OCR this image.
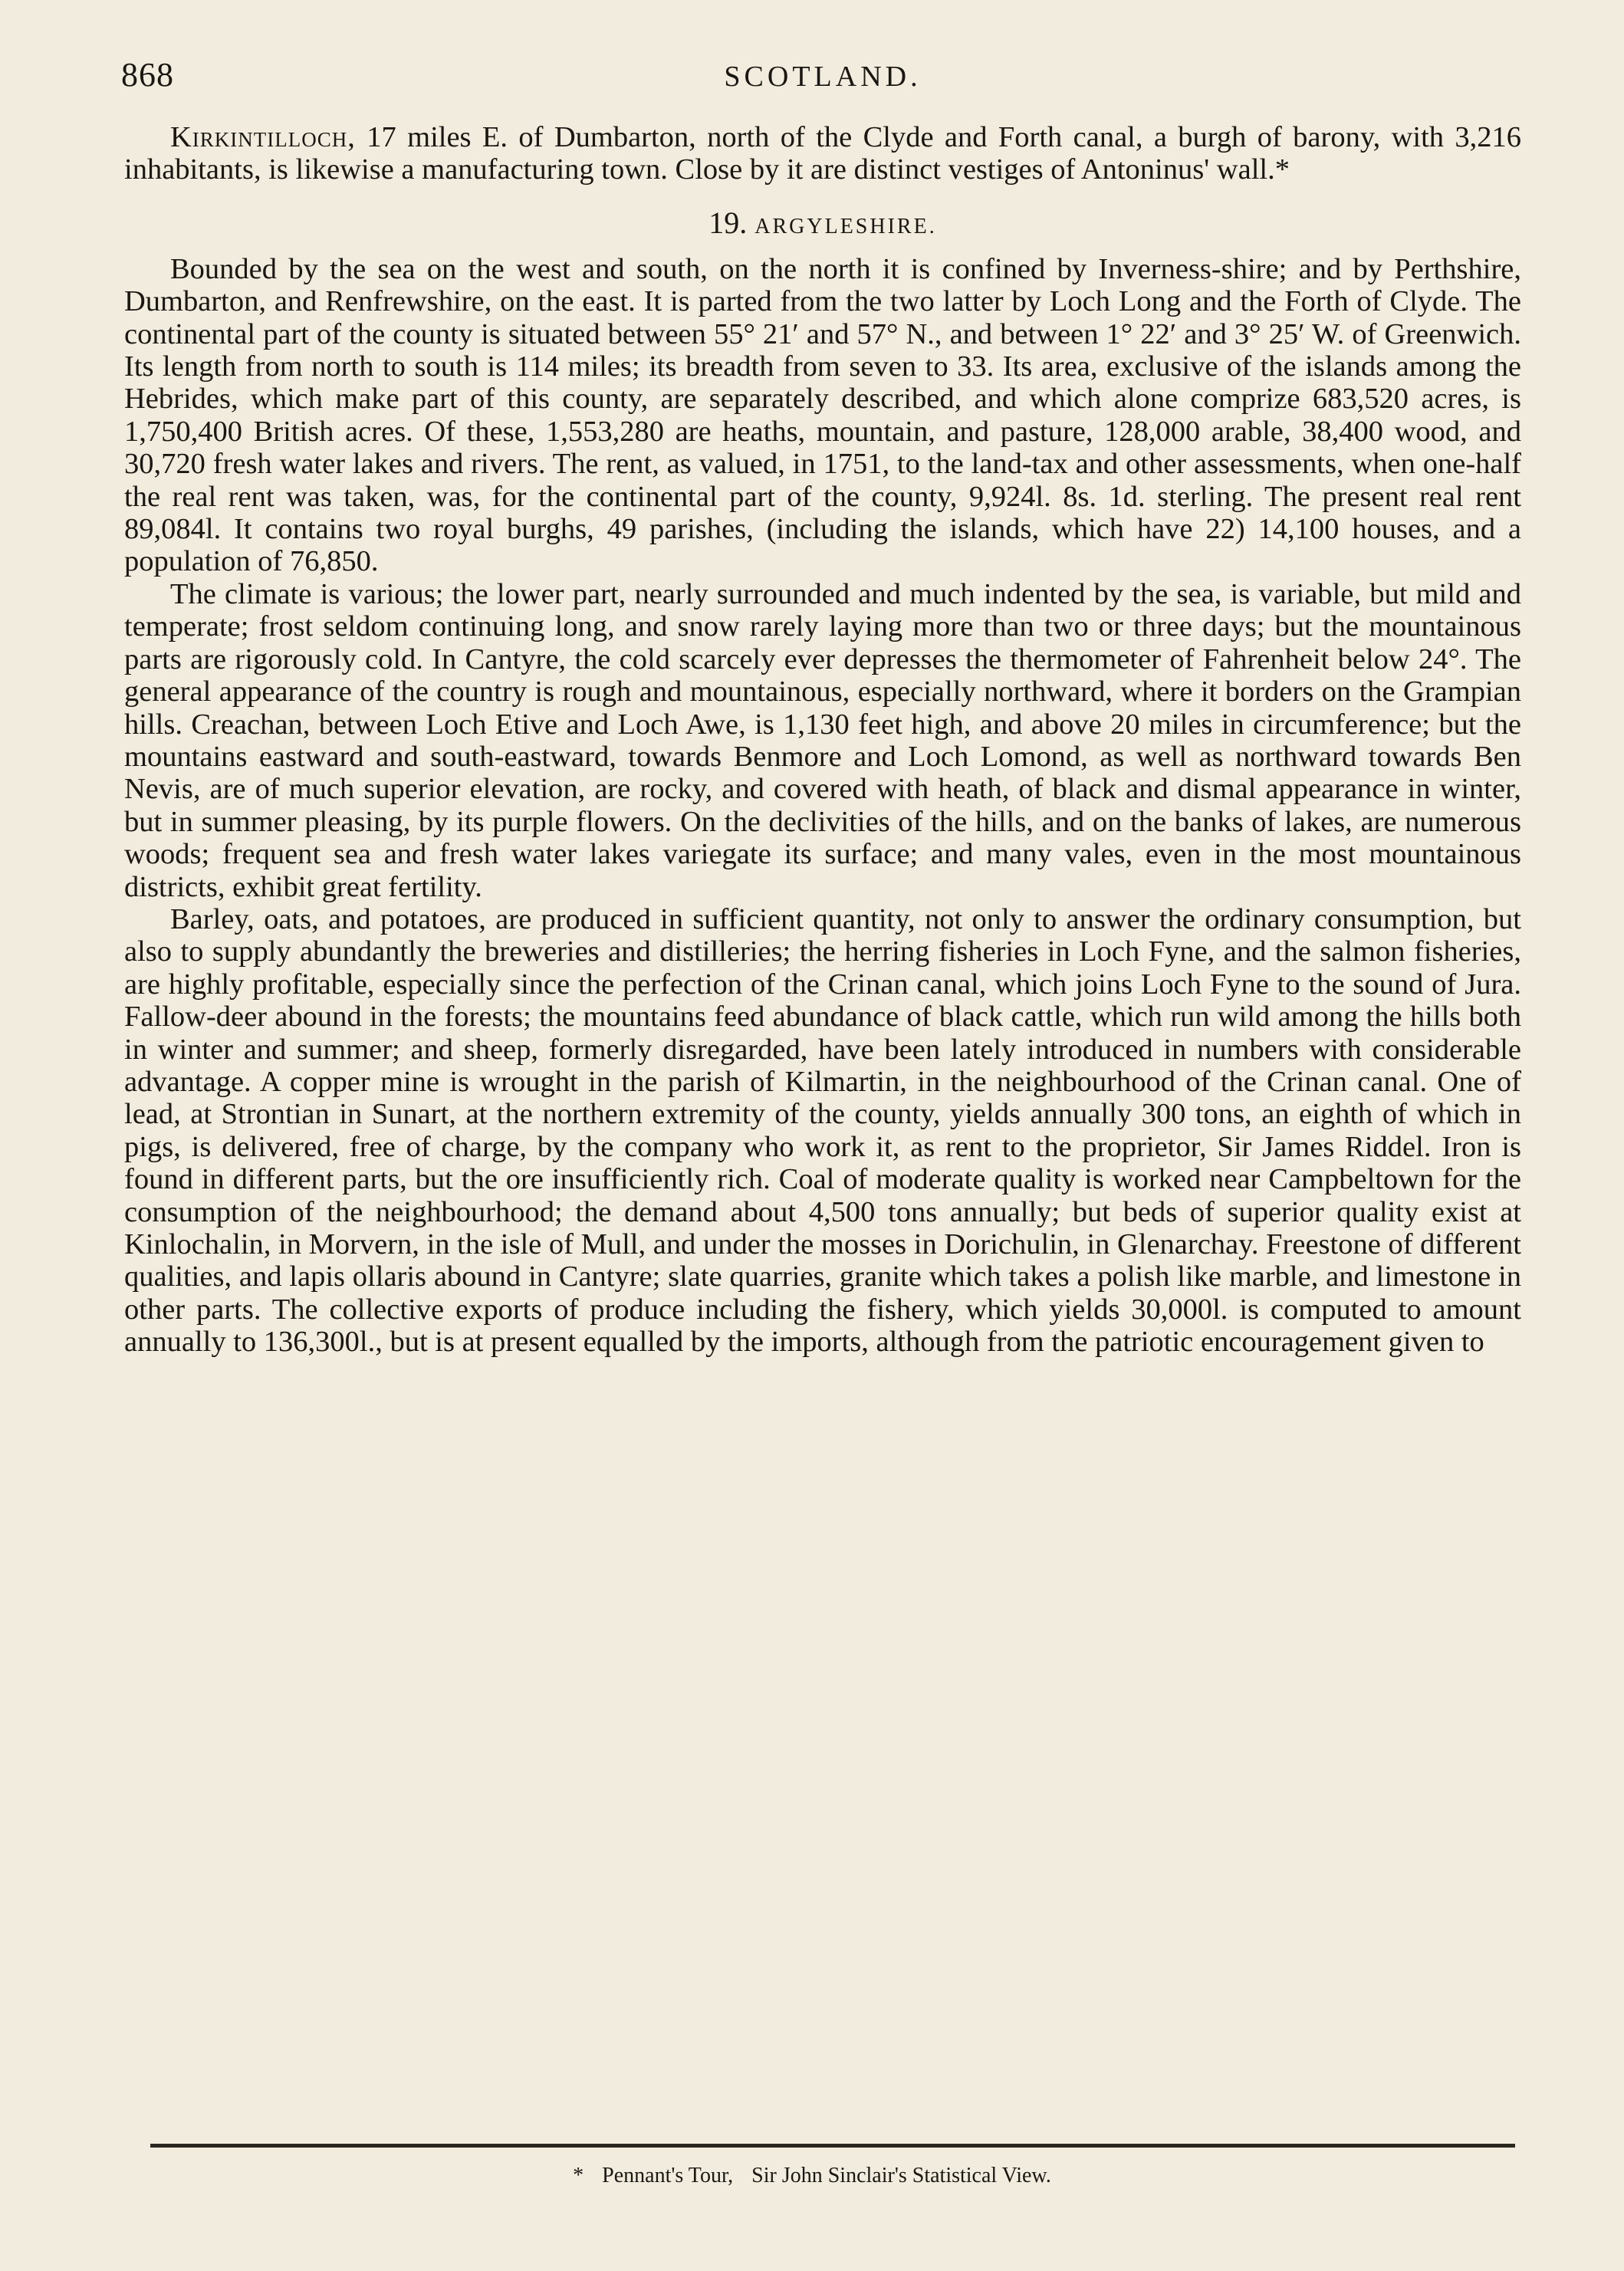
868	SCOTLAND.

Kirkintilloch, 17 miles E. of Dumbarton, north of the Clyde and Forth canal, a burgh of barony, with 3,216 inhabitants, is likewise a manufacturing town. Close by it are distinct vestiges of Antoninus' wall.*

19. ARGYLESHIRE.

Bounded by the sea on the west and south, on the north it is confined by Inverness-shire; and by Perthshire, Dumbarton, and Renfrewshire, on the east. It is parted from the two latter by Loch Long and the Forth of Clyde. The continental part of the county is situated between 55° 21′ and 57° N., and between 1° 22′ and 3° 25′ W. of Greenwich. Its length from north to south is 114 miles; its breadth from seven to 33. Its area, exclusive of the islands among the Hebrides, which make part of this county, are separately described, and which alone comprize 683,520 acres, is 1,750,400 British acres. Of these, 1,553,280 are heaths, mountain, and pasture, 128,000 arable, 38,400 wood, and 30,720 fresh water lakes and rivers. The rent, as valued, in 1751, to the land-tax and other assessments, when one-half the real rent was taken, was, for the continental part of the county, 9,924l. 8s. 1d. sterling. The present real rent 89,084l. It contains two royal burghs, 49 parishes, (including the islands, which have 22) 14,100 houses, and a population of 76,850.

The climate is various; the lower part, nearly surrounded and much indented by the sea, is variable, but mild and temperate; frost seldom continuing long, and snow rarely laying more than two or three days; but the mountainous parts are rigorously cold. In Cantyre, the cold scarcely ever depresses the thermometer of Fahrenheit below 24°. The general appearance of the country is rough and mountainous, especially northward, where it borders on the Grampian hills. Creachan, between Loch Etive and Loch Awe, is 1,130 feet high, and above 20 miles in circumference; but the mountains eastward and south-eastward, towards Benmore and Loch Lomond, as well as northward towards Ben Nevis, are of much superior elevation, are rocky, and covered with heath, of black and dismal appearance in winter, but in summer pleasing, by its purple flowers. On the declivities of the hills, and on the banks of lakes, are numerous woods; frequent sea and fresh water lakes variegate its surface; and many vales, even in the most mountainous districts, exhibit great fertility.

Barley, oats, and potatoes, are produced in sufficient quantity, not only to answer the ordinary consumption, but also to supply abundantly the breweries and distilleries; the herring fisheries in Loch Fyne, and the salmon fisheries, are highly profitable, especially since the perfection of the Crinan canal, which joins Loch Fyne to the sound of Jura. Fallow-deer abound in the forests; the mountains feed abundance of black cattle, which run wild among the hills both in winter and summer; and sheep, formerly disregarded, have been lately introduced in numbers with considerable advantage. A copper mine is wrought in the parish of Kilmartin, in the neighbourhood of the Crinan canal. One of lead, at Strontian in Sunart, at the northern extremity of the county, yields annually 300 tons, an eighth of which in pigs, is delivered, free of charge, by the company who work it, as rent to the proprietor, Sir James Riddel. Iron is found in different parts, but the ore insufficiently rich. Coal of moderate quality is worked near Campbeltown for the consumption of the neighbourhood; the demand about 4,500 tons annually; but beds of superior quality exist at Kinlochalin, in Morvern, in the isle of Mull, and under the mosses in Dorichulin, in Glenarchay. Freestone of different qualities, and lapis ollaris abound in Cantyre; slate quarries, granite which takes a polish like marble, and limestone in other parts. The collective exports of produce including the fishery, which yields 30,000l. is computed to amount annually to 136,300l., but is at present equalled by the imports, although from the patriotic encouragement given to

* Pennant's Tour, Sir John Sinclair's Statistical View.
